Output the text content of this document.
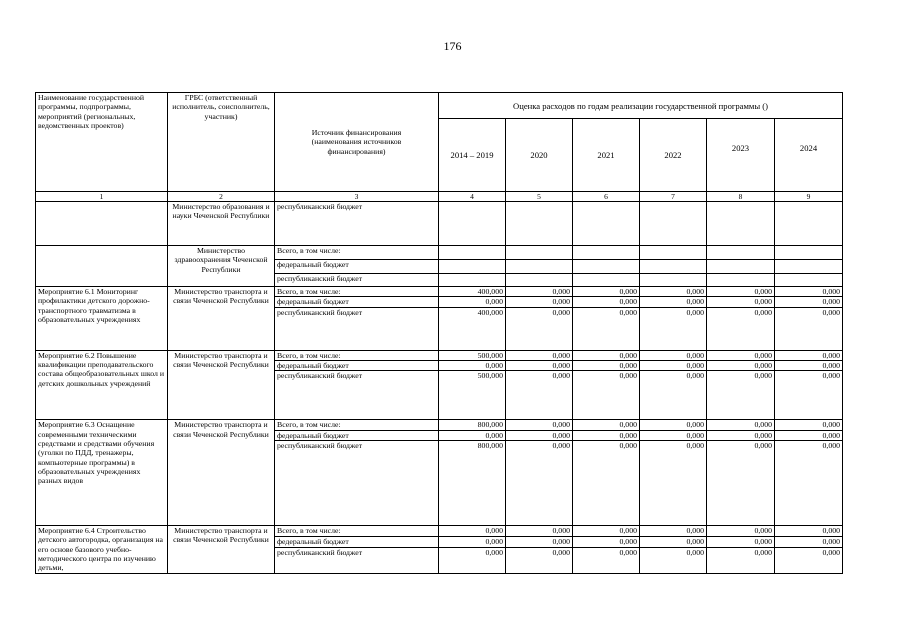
176
Наименование государственной программы, подпрограммы, мероприятий (региональных, ведомственных проектов)	ГРБС (ответственный исполнитель, соисполнитель, участник)	Источник финансирования (наименования источников финансирования)	Оценка расходов по годам реализации государственной программы ()					
			2014 – 2019	2020	2021	2022	2023	2024
1	2	3	4	5	6	7	8	9
	Министерство образования и науки Чеченской Республики	республиканский бюджет						
	Министерство здравоохранения Чеченской Республики	Всего, в том числе:						
		федеральный бюджет						
		республиканский бюджет						
Мероприятие 6.1 Мониторинг профилактики детского дорожно-транспортного травматизма в образовательных учреждениях	Министерство транспорта и связи Чеченской Республики	Всего, в том числе:	400,000	0,000	0,000	0,000	0,000	0,000
		федеральный бюджет	0,000	0,000	0,000	0,000	0,000	0,000
		республиканский бюджет	400,000	0,000	0,000	0,000	0,000	0,000
Мероприятие 6.2 Повышение квалификации преподавательского состава общеобразовательных школ и детских дошкольных учреждений	Министерство транспорта и связи Чеченской Республики	Всего, в том числе:	500,000	0,000	0,000	0,000	0,000	0,000
		федеральный бюджет	0,000	0,000	0,000	0,000	0,000	0,000
		республиканский бюджет	500,000	0,000	0,000	0,000	0,000	0,000
Мероприятие 6.3 Оснащение современными техническими средствами и средствами обучения (уголки по ПДД, тренажеры, компьютерные программы) в образовательных учреждениях разных видов	Министерство транспорта и связи Чеченской Республики	Всего, в том числе:	800,000	0,000	0,000	0,000	0,000	0,000
		федеральный бюджет	0,000	0,000	0,000	0,000	0,000	0,000
		республиканский бюджет	800,000	0,000	0,000	0,000	0,000	0,000
Мероприятие 6.4 Строительство детского автогородка, организация на его основе базового учебно-методического центра по изучению детьми,	Министерство транспорта и связи Чеченской Республики	Всего, в том числе:	0,000	0,000	0,000	0,000	0,000	0,000
		федеральный бюджет	0,000	0,000	0,000	0,000	0,000	0,000
		республиканский бюджет	0,000	0,000	0,000	0,000	0,000	0,000
